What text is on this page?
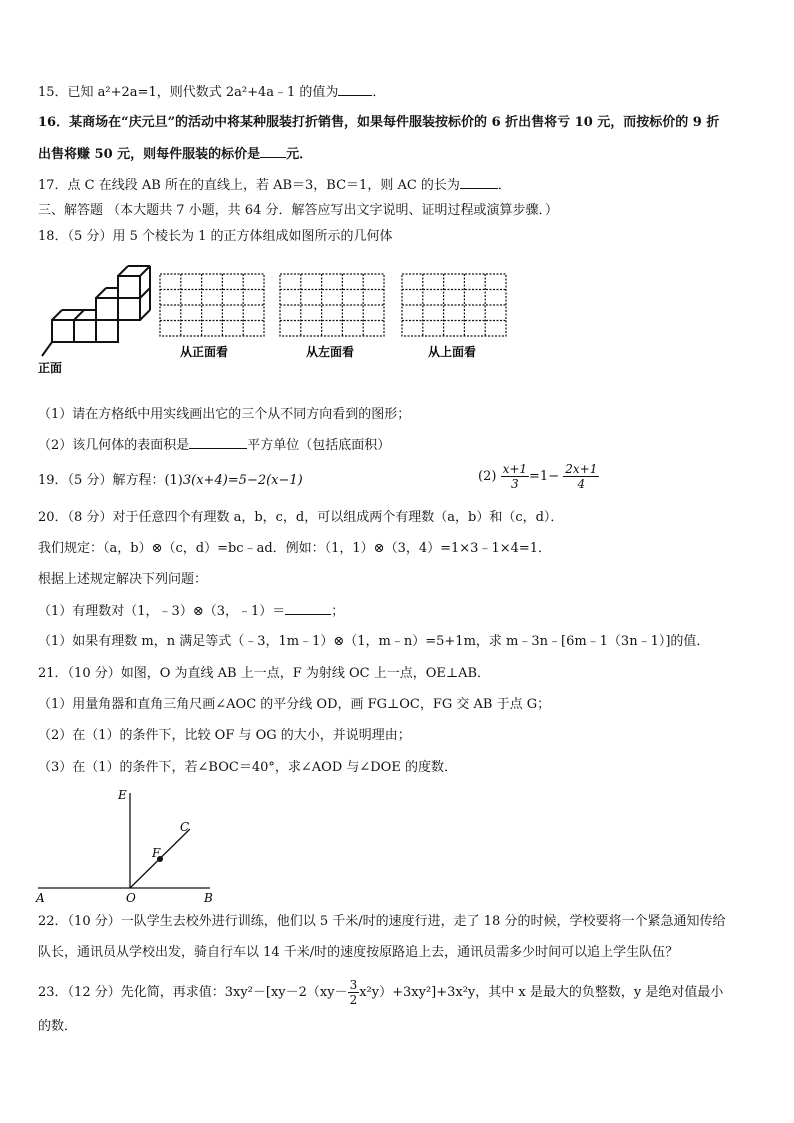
15．已知 a²+2a=1，则代数式 2a²+4a﹣1 的值为	．
16．某商场在“庆元旦”的活动中将某种服装打折销售，如果每件服装按标价的 6 折出售将亏 10 元，而按标价的 9 折
出售将赚 50 元，则每件服装的标价是 元．
17．点 C 在线段 AB 所在的直线上，若 AB＝3，BC＝1，则 AC 的长为	．
三、解答题 （本大题共 7 小题，共 64 分．解答应写出文字说明、证明过程或演算步骤．）
18．（5 分）用 5 个棱长为 1 的正方体组成如图所示的几何体
正面
从正面看	从左面看	从上面看
（1）请在方格纸中用实线画出它的三个从不同方向看到的图形；
（2）该几何体的表面积是	平方单位（包括底面积）
19．（5 分）解方程：(1)3(x+4)=5−2(x−1)	$(2) \frac{x+1}{3} =1- \frac{2x+1}{4}$
20．（8 分）对于任意四个有理数 a，b，c，d，可以组成两个有理数（a，b）和（c，d）．
我们规定：（a，b）⊗（c，d）=bc﹣ad．例如：（1，1）⊗（3，4）=1×3﹣1×4=1．
根据上述规定解决下列问题：
（1）有理数对（1，﹣3）⊗（3，﹣1）＝	；
（1）如果有理数 m，n 满足等式（﹣3，1m﹣1）⊗（1，m﹣n）=5+1m，求 m﹣3n﹣[6m﹣1（3n﹣1）]的值．
21．（10 分）如图，O 为直线 AB 上一点，F 为射线 OC 上一点，OE⊥AB．
（1）用量角器和直角三角尺画∠AOC 的平分线 OD，画 FG⊥OC，FG 交 AB 于点 G；
（2）在（1）的条件下，比较 OF 与 OG 的大小，并说明理由；
（3）在（1）的条件下，若∠BOC＝40°，求∠AOD 与∠DOE 的度数．
E
C
F
A	O	B
22．（10 分）一队学生去校外进行训练，他们以 5 千米/时的速度行进，走了 18 分的时候，学校要将一个紧急通知传给
队长，通讯员从学校出发，骑自行车以 14 千米/时的速度按原路追上去，通讯员需多少时间可以追上学生队伍？
23．（12 分）先化简，再求值：$3xy^2-[xy-2(xy- \frac{3}{2} x^2y)+3xy^2]+3x^2y$，其中 x 是最大的负整数，y 是绝对值最小
的数．
